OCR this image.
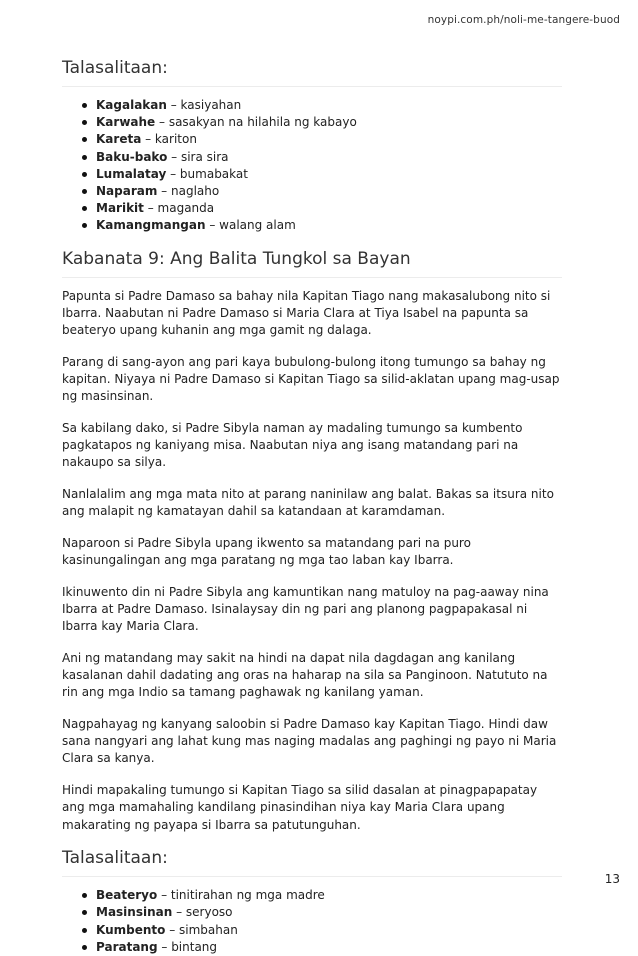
noypi.com.ph/noli-me-tangere-buod
Talasalitaan:
Kagalakan – kasiyahan
Karwahe – sasakyan na hilahila ng kabayo
Kareta – kariton
Baku-bako – sira sira
Lumalatay – bumabakat
Naparam – naglaho
Marikit – maganda
Kamangmangan – walang alam
Kabanata 9: Ang Balita Tungkol sa Bayan

Papunta si Padre Damaso sa bahay nila Kapitan Tiago nang makasalubong nito si Ibarra. Naabutan ni Padre Damaso si Maria Clara at Tiya Isabel na papunta sa beateryo upang kuhanin ang mga gamit ng dalaga.

Parang di sang-ayon ang pari kaya bubulong-bulong itong tumungo sa bahay ng kapitan. Niyaya ni Padre Damaso si Kapitan Tiago sa silid-aklatan upang mag-usap ng masinsinan.

Sa kabilang dako, si Padre Sibyla naman ay madaling tumungo sa kumbento pagkatapos ng kaniyang misa. Naabutan niya ang isang matandang pari na nakaupo sa silya.

Nanlalalim ang mga mata nito at parang naninilaw ang balat. Bakas sa itsura nito ang malapit ng kamatayan dahil sa katandaan at karamdaman.

Naparoon si Padre Sibyla upang ikwento sa matandang pari na puro kasinungalingan ang mga paratang ng mga tao laban kay Ibarra.

Ikinuwento din ni Padre Sibyla ang kamuntikan nang matuloy na pag-aaway nina Ibarra at Padre Damaso. Isinalaysay din ng pari ang planong pagpapakasal ni Ibarra kay Maria Clara.

Ani ng matandang may sakit na hindi na dapat nila dagdagan ang kanilang kasalanan dahil dadating ang oras na haharap na sila sa Panginoon. Natututo na rin ang mga Indio sa tamang paghawak ng kanilang yaman.

Nagpahayag ng kanyang saloobin si Padre Damaso kay Kapitan Tiago. Hindi daw sana nangyari ang lahat kung mas naging madalas ang paghingi ng payo ni Maria Clara sa kanya.

Hindi mapakaling tumungo si Kapitan Tiago sa silid dasalan at pinagpapapatay ang mga mamahaling kandilang pinasindihan niya kay Maria Clara upang makarating ng payapa si Ibarra sa patutunguhan.

Talasalitaan:
Beateryo – tinitirahan ng mga madre
Masinsinan – seryoso
Kumbento – simbahan
Paratang – bintang
13
